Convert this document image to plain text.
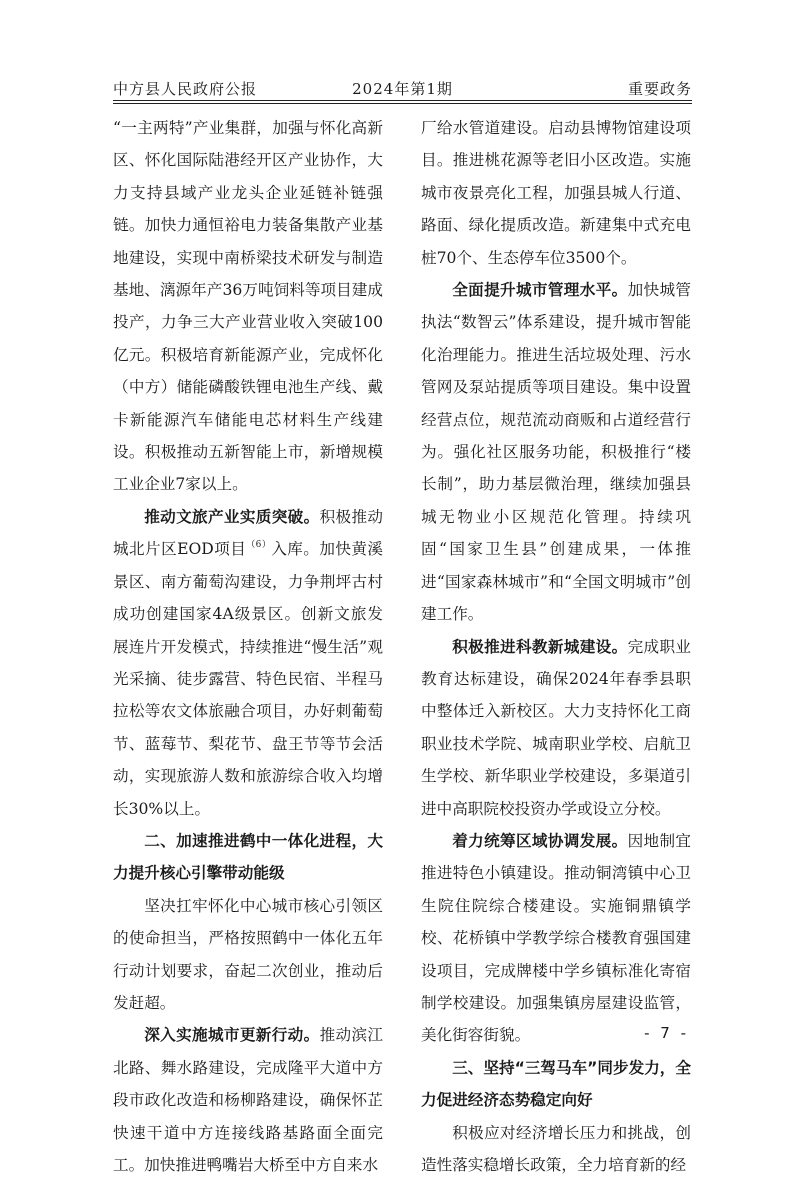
中方县人民政府公报	2024年第1期	重要政务

“一主两特”产业集群，加强与怀化高新区、怀化国际陆港经开区产业协作，大力支持县域产业龙头企业延链补链强链。加快力通恒裕电力装备集散产业基地建设，实现中南桥梁技术研发与制造基地、漓源年产36万吨饲料等项目建成投产，力争三大产业营业收入突破100亿元。积极培育新能源产业，完成怀化（中方）储能磷酸铁锂电池生产线、戴卡新能源汽车储能电芯材料生产线建设。积极推动五新智能上市，新增规模工业企业7家以上。

推动文旅产业实质突破。积极推动城北片区EOD项目$^{(6)}$入库。加快黄溪景区、南方葡萄沟建设，力争荆坪古村成功创建国家4A级景区。创新文旅发展连片开发模式，持续推进“慢生活”观光采摘、徒步露营、特色民宿、半程马拉松等农文体旅融合项目，办好刺葡萄节、蓝莓节、梨花节、盘王节等节会活动，实现旅游人数和旅游综合收入均增长30%以上。

二、加速推进鹤中一体化进程，大力提升核心引擎带动能级

坚决扛牢怀化中心城市核心引领区的使命担当，严格按照鹤中一体化五年行动计划要求，奋起二次创业，推动后发赶超。

深入实施城市更新行动。推动滨江北路、舞水路建设，完成隆平大道中方段市政化改造和杨柳路建设，确保怀芷快速干道中方连接线路基路面全面完工。加快推进鸭嘴岩大桥至中方自来水

厂给水管道建设。启动县博物馆建设项目。推进桃花源等老旧小区改造。实施城市夜景亮化工程，加强县城人行道、路面、绿化提质改造。新建集中式充电桩70个、生态停车位3500个。

全面提升城市管理水平。加快城管执法“数智云”体系建设，提升城市智能化治理能力。推进生活垃圾处理、污水管网及泵站提质等项目建设。集中设置经营点位，规范流动商贩和占道经营行为。强化社区服务功能，积极推行“楼长制”，助力基层微治理，继续加强县城无物业小区规范化管理。持续巩固“国家卫生县”创建成果，一体推进“国家森林城市”和“全国文明城市”创建工作。

积极推进科教新城建设。完成职业教育达标建设，确保2024年春季县职中整体迁入新校区。大力支持怀化工商职业技术学院、城南职业学校、启航卫生学校、新华职业学校建设，多渠道引进中高职院校投资办学或设立分校。

着力统筹区域协调发展。因地制宜推进特色小镇建设。推动铜湾镇中心卫生院住院综合楼建设。实施铜鼎镇学校、花桥镇中学教学综合楼教育强国建设项目，完成牌楼中学乡镇标准化寄宿制学校建设。加强集镇房屋建设监管，美化街容街貌。

三、坚持“三驾马车”同步发力，全力促进经济态势稳定向好

积极应对经济增长压力和挑战，创造性落实稳增长政策，全力培育新的经

- 7 -
